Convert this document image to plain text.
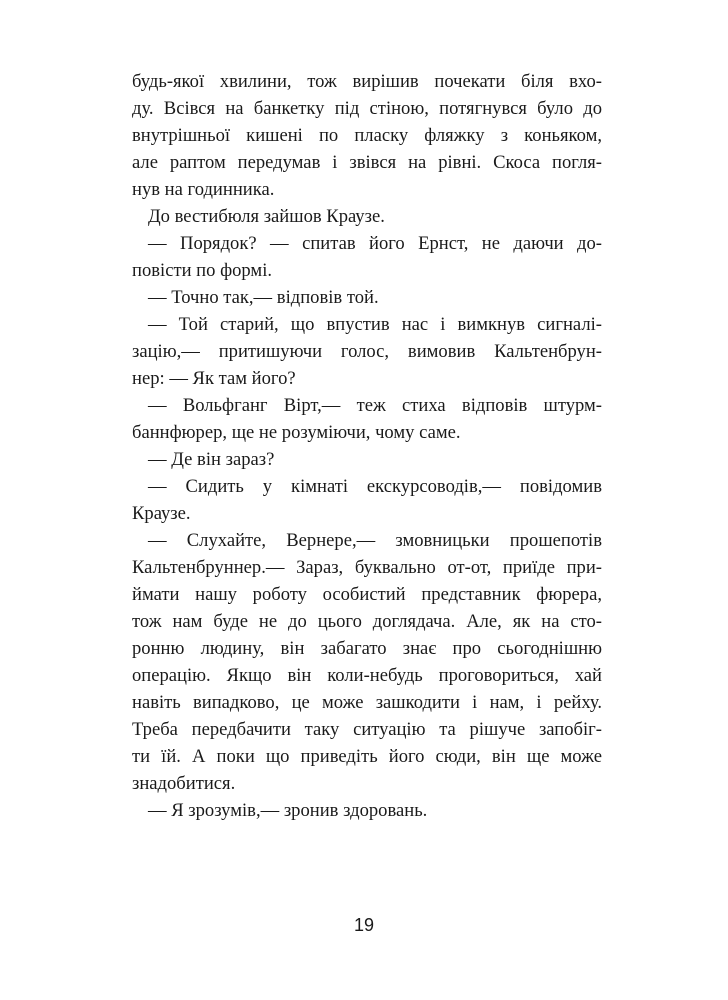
будь-якої хвилини, тож вирішив почекати біля вхо-
ду. Всівся на банкетку під стіною, потягнувся було до
внутрішньої кишені по пласку фляжку з коньяком,
але раптом передумав і звівся на рівні. Скоса погля-
нув на годинника.
До вестибюля зайшов Краузе.
— Порядок? — спитав його Ернст, не даючи до-
повісти по формі.
— Точно так,— відповів той.
— Той старий, що впустив нас і вимкнув сигналі-
зацію,— притишуючи голос, вимовив Кальтенбрун-
нер: — Як там його?
— Вольфганг Вірт,— теж стиха відповів штурм-
баннфюрер, ще не розуміючи, чому саме.
— Де він зараз?
— Сидить у кімнаті екскурсоводів,— повідомив
Краузе.
— Слухайте, Вернере,— змовницьки прошепотів
Кальтенбруннер.— Зараз, буквально от-от, приїде при-
ймати нашу роботу особистий представник фюрера,
тож нам буде не до цього доглядача. Але, як на сто-
ронню людину, він забагато знає про сьогоднішню
операцію. Якщо він коли-небудь проговориться, хай
навіть випадково, це може зашкодити і нам, і рейху.
Треба передбачити таку ситуацію та рішуче запобіг-
ти їй. А поки що приведіть його сюди, він ще може
знадобитися.
— Я зрозумів,— зронив здоровань.
19
